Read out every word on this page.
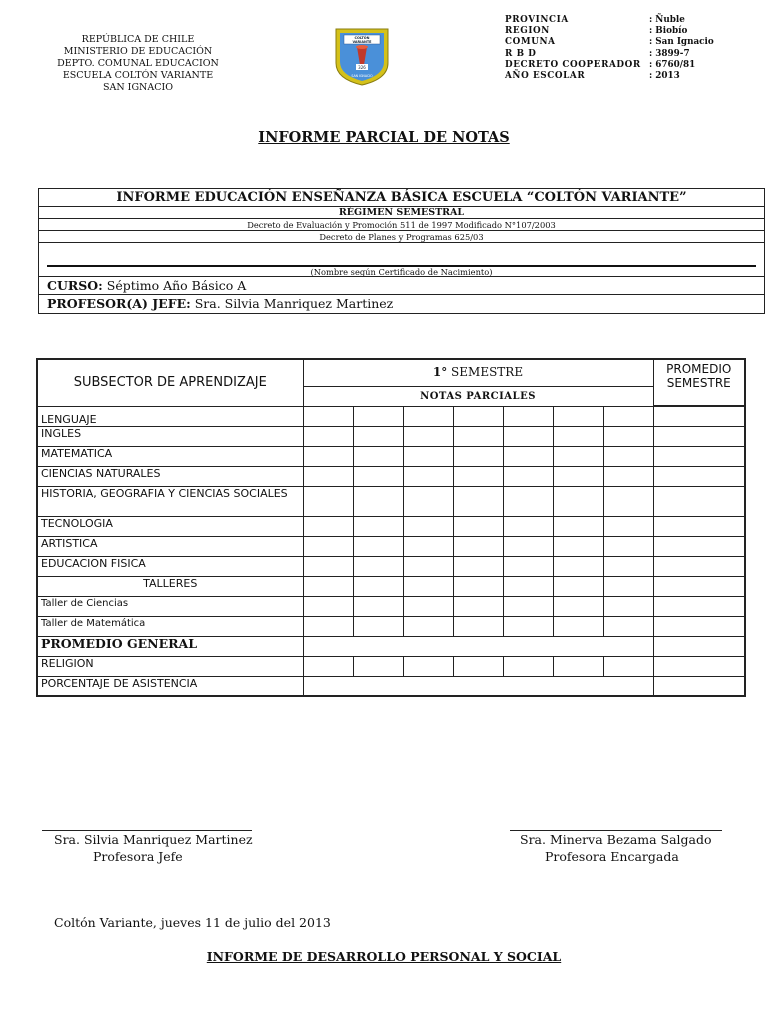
REPÚBLICA DE CHILE
MINISTERIO DE EDUCACIÓN
DEPTO. COMUNAL EDUCACION
ESCUELA COLTÓN VARIANTE
SAN IGNACIO
COLTÓN
VARIANTE
326
SAN IGNACIO
PROVINCIA	: Ñuble
REGION	: Biobío
COMUNA	: San Ignacio
R B D	: 3899-7
DECRETO COOPERADOR : 6760/81
AÑO ESCOLAR	: 2013
INFORME PARCIAL DE NOTAS
INFORME EDUCACIÓN ENSEÑANZA BÁSICA ESCUELA “COLTÓN VARIANTE”
RÉGIMEN SEMESTRAL
Decreto de Evaluación y Promoción 511 de 1997 Modificado N°107/2003
Decreto de Planes y Programas 625/03
(Nombre según Certificado de Nacimiento)
CURSO: Séptimo Año Básico A
PROFESOR(A) JEFE: Sra. Silvia Manriquez Martinez
SUBSECTOR DE APRENDIZAJE	1° SEMESTRE							PROMEDIO
SEMESTRE
	NOTAS PARCIALES							
LENGUAJE								
INGLES								
MATEMATICA								
CIENCIAS NATURALES								
HISTORIA, GEOGRAFIA Y CIENCIAS SOCIALES								
TECNOLOGIA								
ARTISTICA								
EDUCACION FISICA								
TALLERES								
Taller de Ciencias								
Taller de Matemática								
PROMEDIO GENERAL								
RELIGION								
PORCENTAJE DE ASISTENCIA								
Sra. Silvia Manriquez Martinez
Profesora Jefe
Sra. Minerva Bezama Salgado
Profesora Encargada
Coltón Variante, jueves 11 de julio del 2013
INFORME DE DESARROLLO PERSONAL Y SOCIAL
